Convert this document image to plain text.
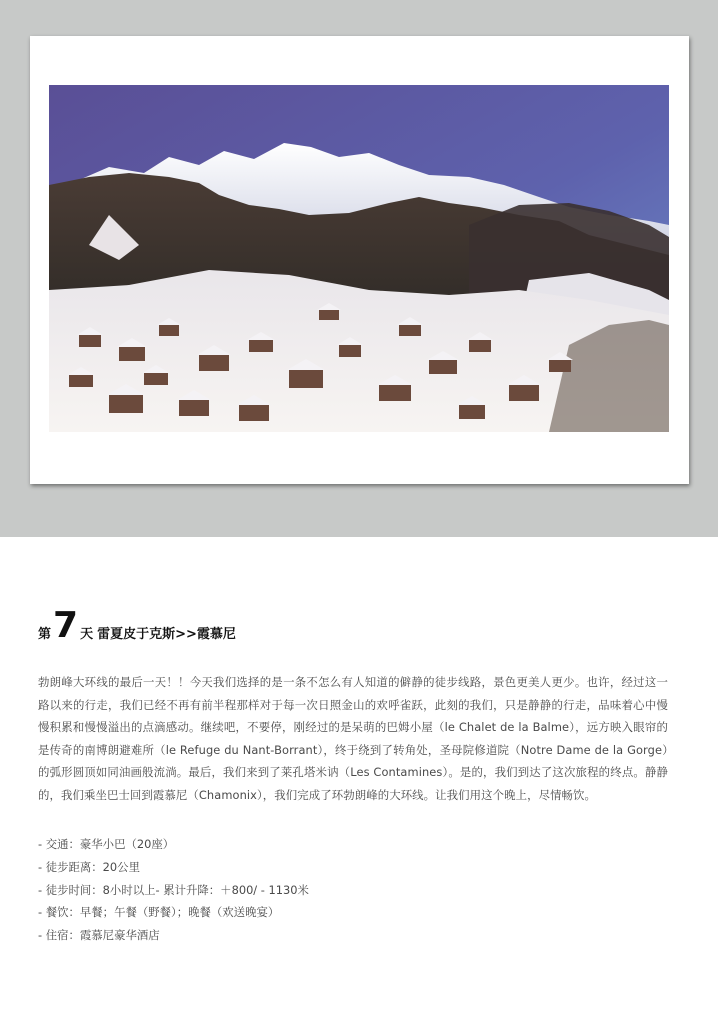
第 7 天 雷夏皮于克斯>>霞慕尼

勃朗峰大环线的最后一天！！今天我们选择的是一条不怎么有人知道的僻静的徒步线路，景色更美人更少。也许，经过这一路以来的行走，我们已经不再有前半程那样对于每一次日照金山的欢呼雀跃，此刻的我们，只是静静的行走，品味着心中慢慢积累和慢慢溢出的点滴感动。继续吧，不要停，刚经过的是呆萌的巴姆小屋（le Chalet de la Balme），远方映入眼帘的是传奇的南博朗避难所（le Refuge du Nant-Borrant），终于绕到了转角处，圣母院修道院（Notre Dame de la Gorge）的弧形圆顶如同油画般流淌。最后，我们来到了莱孔塔米讷（Les Contamines）。是的，我们到达了这次旅程的终点。静静的，我们乘坐巴士回到霞慕尼（Chamonix），我们完成了环勃朗峰的大环线。让我们用这个晚上，尽情畅饮。

- 交通：豪华小巴（20座）
- 徒步距离：20公里
- 徒步时间：8小时以上- 累计升降：＋800/ - 1130米
- 餐饮：早餐；午餐（野餐）；晚餐（欢送晚宴）
- 住宿：霞慕尼豪华酒店
